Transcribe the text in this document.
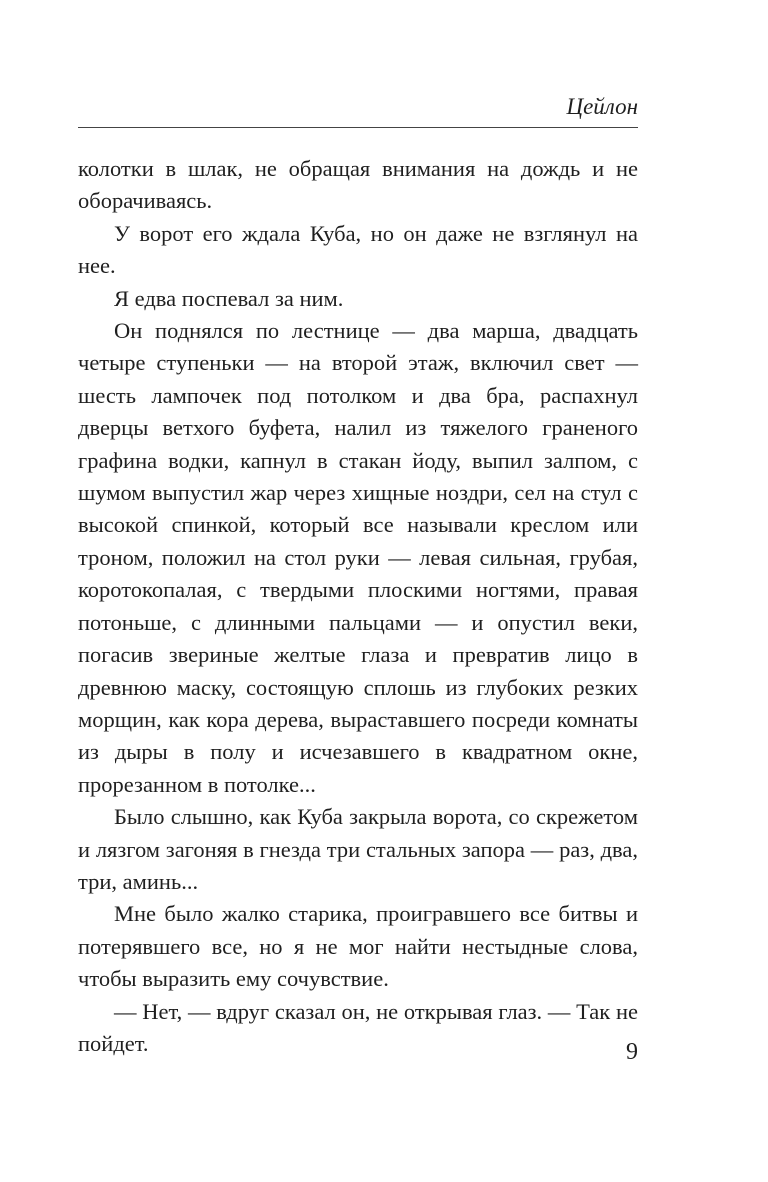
Цейлон

колотки в шлак, не обращая внимания на дождь и не оборачиваясь.

У ворот его ждала Куба, но он даже не взглянул на нее.

Я едва поспевал за ним.

Он поднялся по лестнице — два марша, двадцать четыре ступеньки — на второй этаж, включил свет — шесть лампочек под потолком и два бра, распахнул дверцы ветхого буфета, налил из тяжелого граненого графина водки, капнул в стакан йоду, выпил залпом, с шумом выпустил жар через хищные ноздри, сел на стул с высокой спинкой, который все называли креслом или троном, положил на стол руки — левая сильная, грубая, коротокопалая, с твердыми плоскими ногтями, правая потоньше, с длинными пальцами — и опустил веки, погасив звериные желтые глаза и превратив лицо в древнюю маску, состоящую сплошь из глубоких резких морщин, как кора дерева, выраставшего посреди комнаты из дыры в полу и исчезавшего в квадратном окне, прорезанном в потолке...

Было слышно, как Куба закрыла ворота, со скрежетом и лязгом загоняя в гнезда три стальных запора — раз, два, три, аминь...

Мне было жалко старика, проигравшего все битвы и потерявшего все, но я не мог найти нестыдные слова, чтобы выразить ему сочувствие.

— Нет, — вдруг сказал он, не открывая глаз. — Так не пойдет.	9
